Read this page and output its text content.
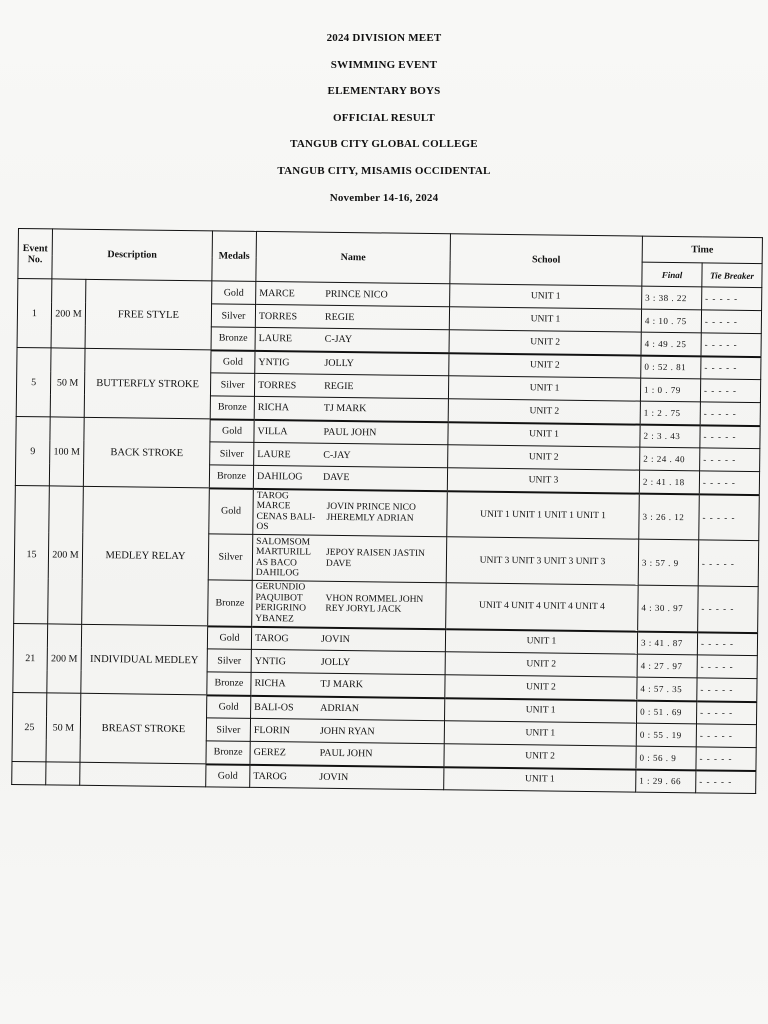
2024 DIVISION MEET
SWIMMING EVENT
ELEMENTARY BOYS
OFFICIAL RESULT
TANGUB CITY GLOBAL COLLEGE
TANGUB CITY, MISAMIS OCCIDENTAL
November 14-16, 2024
Event No.	Description		Medals	Name	School	Time	
						Final	Tie Breaker
1	200 M	FREE STYLE	Gold	MARCE PRINCE NICO	UNIT 1	3 : 38 . 22	- - - - -
			Silver	TORRES REGIE	UNIT 1	4 : 10 . 75	- - - - -
			Bronze	LAURE C-JAY	UNIT 2	4 : 49 . 25	- - - - -
5	50 M	BUTTERFLY STROKE	Gold	YNTIG JOLLY	UNIT 2	0 : 52 . 81	- - - - -
			Silver	TORRES REGIE	UNIT 1	1 : 0 . 79	- - - - -
			Bronze	RICHA TJ MARK	UNIT 2	1 : 2 . 75	- - - - -
9	100 M	BACK STROKE	Gold	VILLA PAUL JOHN	UNIT 1	2 : 3 . 43	- - - - -
			Silver	LAURE C-JAY	UNIT 2	2 : 24 . 40	- - - - -
			Bronze	DAHILOG DAVE	UNIT 3	2 : 41 . 18	- - - - -
15	200 M	MEDLEY RELAY	Gold	TAROG MARCE CENAS BALI-OS
JOVIN PRINCE NICO JHEREMLY ADRIAN	UNIT 1 UNIT 1 UNIT 1 UNIT 1	3 : 26 . 12	- - - - -
			Silver	SALOMSOM MARTURILL AS BACO DAHILOG
JEPOY RAISEN JASTIN DAVE	UNIT 3 UNIT 3 UNIT 3 UNIT 3	3 : 57 . 9	- - - - -
			Bronze	GERUNDIO PAQUIBOT PERIGRINO YBANEZ
VHON ROMMEL JOHN REY JORYL JACK	UNIT 4 UNIT 4 UNIT 4 UNIT 4	4 : 30 . 97	- - - - -
21	200 M	INDIVIDUAL MEDLEY	Gold	TAROG JOVIN	UNIT 1	3 : 41 . 87	- - - - -
			Silver	YNTIG JOLLY	UNIT 2	4 : 27 . 97	- - - - -
			Bronze	RICHA TJ MARK	UNIT 2	4 : 57 . 35	- - - - -
25	50 M	BREAST STROKE	Gold	BALI-OS ADRIAN	UNIT 1	0 : 51 . 69	- - - - -
			Silver	FLORIN JOHN RYAN	UNIT 1	0 : 55 . 19	- - - - -
			Bronze	GEREZ PAUL JOHN	UNIT 2	0 : 56 . 9	- - - - -
			Gold	TAROG JOVIN	UNIT 1	1 : 29 . 66	- - - - -
